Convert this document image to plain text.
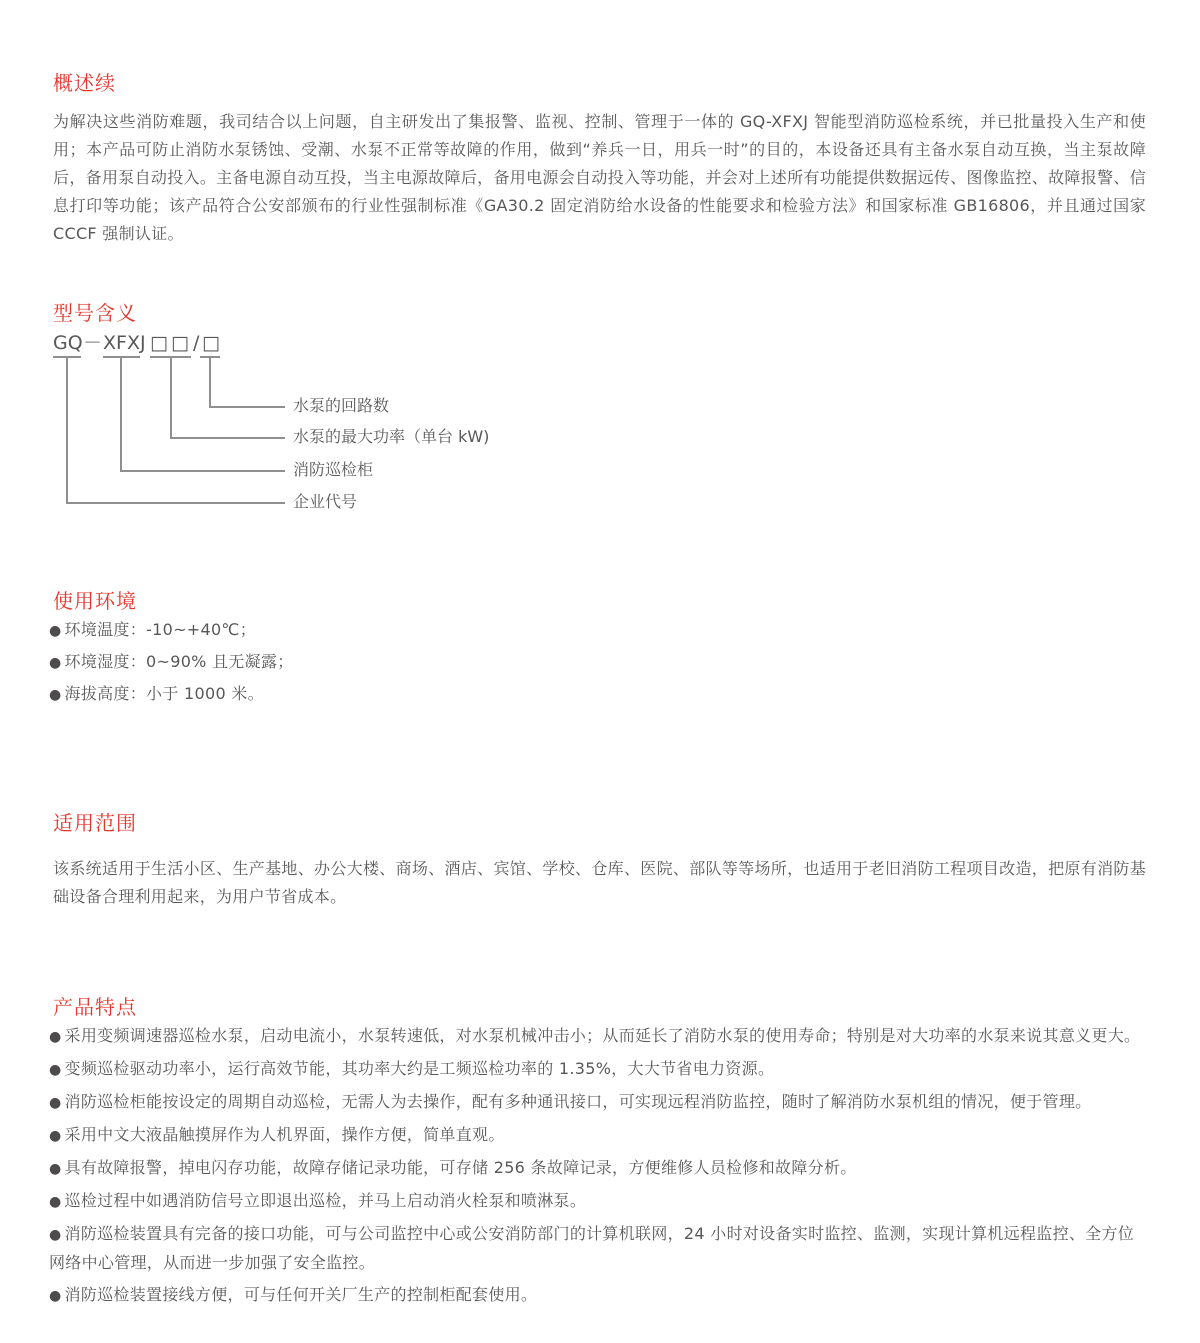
概述续

为解决这些消防难题，我司结合以上问题，自主研发出了集报警、监视、控制、管理于一体的 GQ-XFXJ 智能型消防巡检系统，并已批量投入生产和使用；本产品可防止消防水泵锈蚀、受潮、水泵不正常等故障的作用，做到“养兵一日，用兵一时”的目的，本设备还具有主备水泵自动互换，当主泵故障后，备用泵自动投入。主备电源自动互投，当主电源故障后，备用电源会自动投入等功能，并会对上述所有功能提供数据远传、图像监控、故障报警、信息打印等功能；该产品符合公安部颁布的行业性强制标准《GA30.2 固定消防给水设备的性能要求和检验方法》和国家标准 GB16806，并且通过国家 CCCF 强制认证。

型号含义
GQ － XFXJ □□ / □
水泵的回路数
水泵的最大功率（单台 kW)
消防巡检柜
企业代号
使用环境
● 环境温度：-10~+40℃；
● 环境湿度：0~90% 且无凝露；
● 海拔高度：小于 1000 米。
适用范围

该系统适用于生活小区、生产基地、办公大楼、商场、酒店、宾馆、学校、仓库、医院、部队等等场所，也适用于老旧消防工程项目改造，把原有消防基础设备合理利用起来，为用户节省成本。

产品特点
● 采用变频调速器巡检水泵，启动电流小，水泵转速低，对水泵机械冲击小；从而延长了消防水泵的使用寿命；特别是对大功率的水泵来说其意义更大。
● 变频巡检驱动功率小，运行高效节能，其功率大约是工频巡检功率的 1.35%，大大节省电力资源。
● 消防巡检柜能按设定的周期自动巡检，无需人为去操作，配有多种通讯接口，可实现远程消防监控，随时了解消防水泵机组的情况，便于管理。
● 采用中文大液晶触摸屏作为人机界面，操作方便，简单直观。
● 具有故障报警，掉电闪存功能，故障存储记录功能，可存储 256 条故障记录，方便维修人员检修和故障分析。
● 巡检过程中如遇消防信号立即退出巡检，并马上启动消火栓泵和喷淋泵。
● 消防巡检装置具有完备的接口功能，可与公司监控中心或公安消防部门的计算机联网，24 小时对设备实时监控、监测，实现计算机远程监控、全方位网络中心管理，从而进一步加强了安全监控。
● 消防巡检装置接线方便，可与任何开关厂生产的控制柜配套使用。
